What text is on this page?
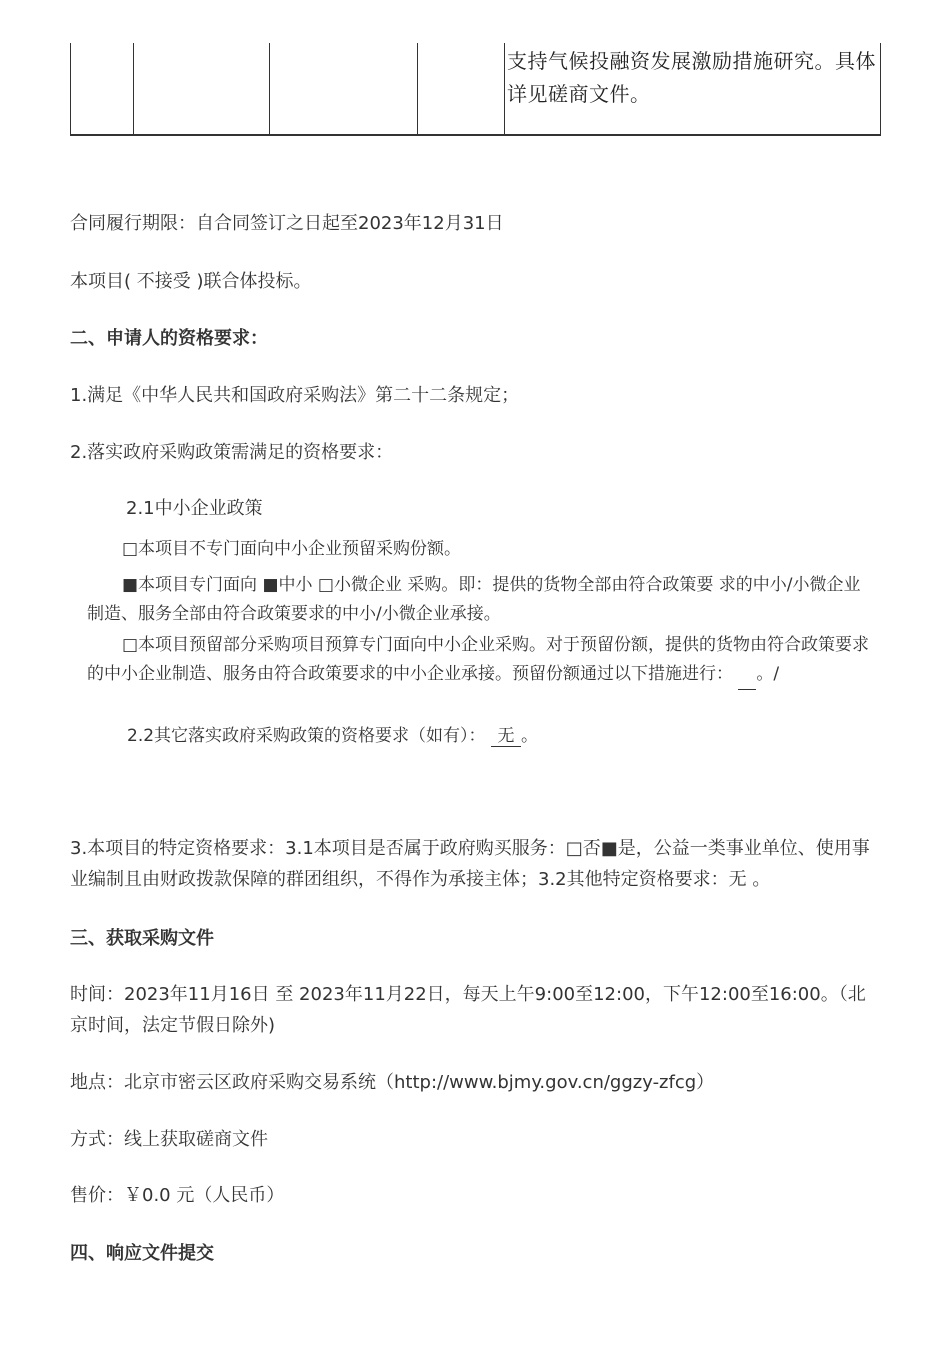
支持气候投融资发展激励措施研究。具体详见磋商文件。
合同履行期限：自合同签订之日起至2023年12月31日
本项目( 不接受 )联合体投标。
二、申请人的资格要求：
1.满足《中华人民共和国政府采购法》第二十二条规定；
2.落实政府采购政策需满足的资格要求：
2.1中小企业政策
□本项目不专门面向中小企业预留采购份额。
■本项目专门面向 ■中小 □小微企业 采购。即：提供的货物全部由符合政策要 求的中小/小微企业制造、服务全部由符合政策要求的中小/小微企业承接。
□本项目预留部分采购项目预算专门面向中小企业采购。对于预留份额，提供的货物由符合政策要求的中小企业制造、服务由符合政策要求的中小企业承接。预留份额通过以下措施进行： /。
2.2其它落实政府采购政策的资格要求（如有）： 无 。
3.本项目的特定资格要求：3.1本项目是否属于政府购买服务：□否■是，公益一类事业单位、使用事业编制且由财政拨款保障的群团组织，不得作为承接主体；3.2其他特定资格要求：无 。
三、获取采购文件
时间：2023年11月16日 至 2023年11月22日，每天上午9:00至12:00，下午12:00至16:00。（北京时间，法定节假日除外)
地点：北京市密云区政府采购交易系统（http://www.bjmy.gov.cn/ggzy-zfcg）
方式：线上获取磋商文件
售价：￥0.0 元（人民币）
四、响应文件提交
